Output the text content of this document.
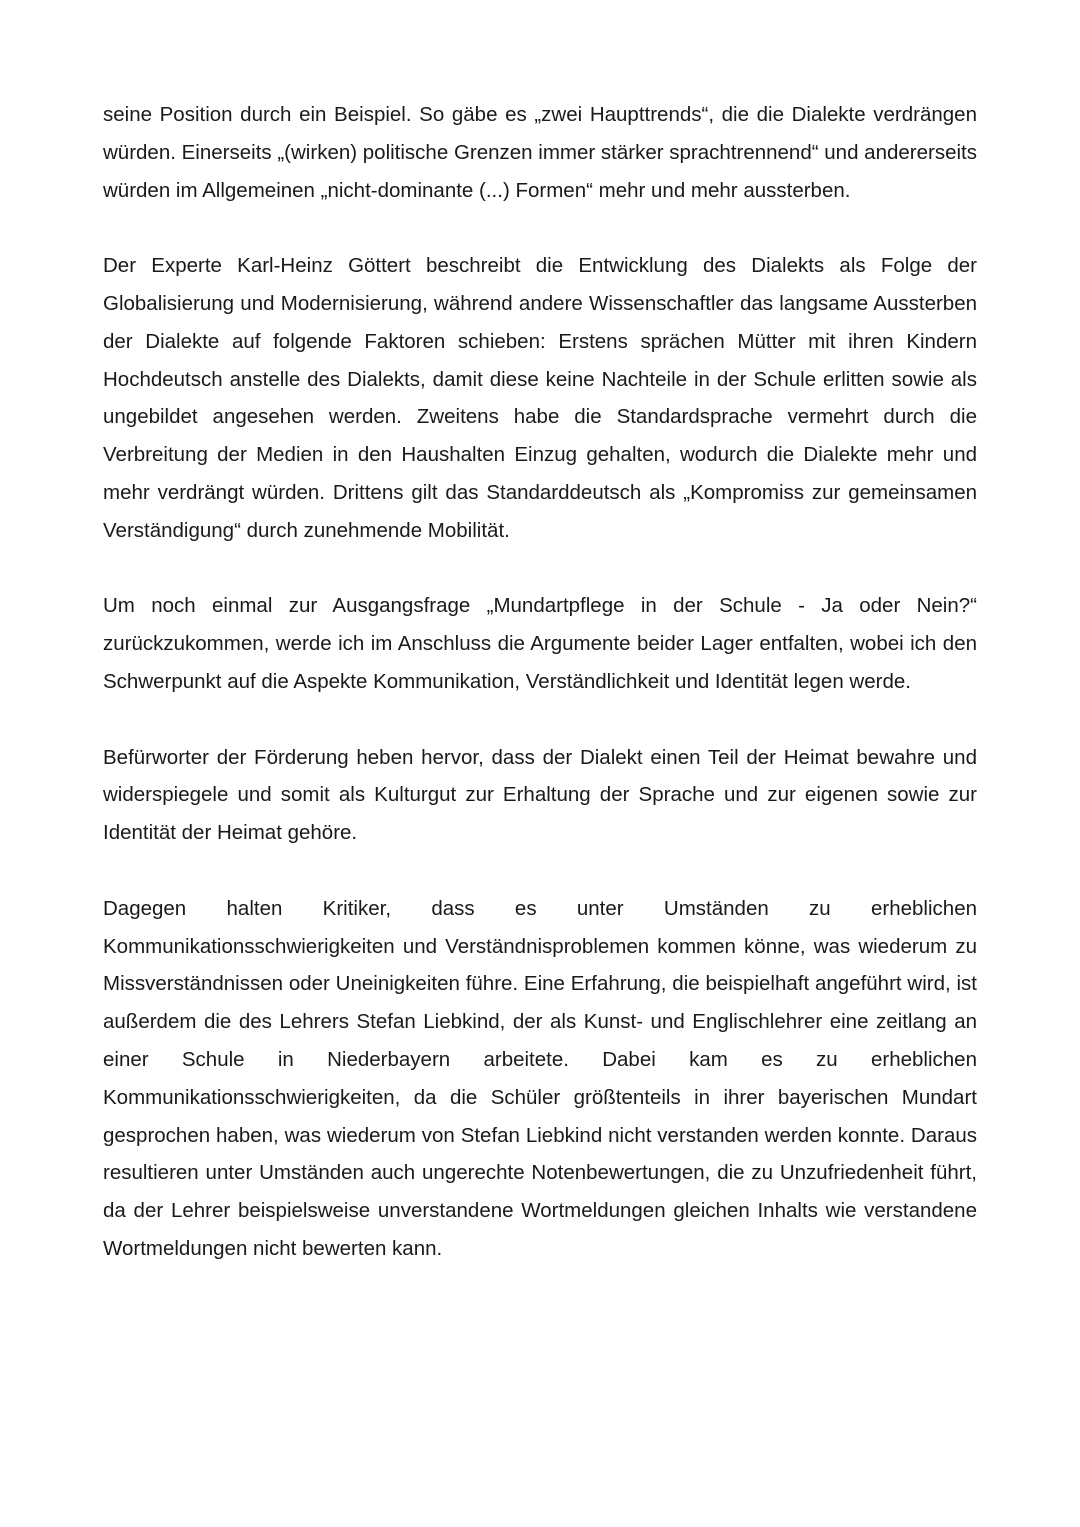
seine Position durch ein Beispiel. So gäbe es „zwei Haupttrends“, die die Dialekte verdrängen würden. Einerseits „(wirken) politische Grenzen immer stärker sprachtrennend“ und andererseits würden im Allgemeinen „nicht-dominante (...) Formen“ mehr und mehr aussterben.

Der Experte Karl-Heinz Göttert beschreibt die Entwicklung des Dialekts als Folge der Globalisierung und Modernisierung, während andere Wissenschaftler das langsame Aussterben der Dialekte auf folgende Faktoren schieben: Erstens sprächen Mütter mit ihren Kindern Hochdeutsch anstelle des Dialekts, damit diese keine Nachteile in der Schule erlitten sowie als ungebildet angesehen werden. Zweitens habe die Standardsprache vermehrt durch die Verbreitung der Medien in den Haushalten Einzug gehalten, wodurch die Dialekte mehr und mehr verdrängt würden. Drittens gilt das Standarddeutsch als „Kompromiss zur gemeinsamen Verständigung“ durch zunehmende Mobilität.

Um noch einmal zur Ausgangsfrage „Mundartpflege in der Schule - Ja oder Nein?“ zurückzukommen, werde ich im Anschluss die Argumente beider Lager entfalten, wobei ich den Schwerpunkt auf die Aspekte Kommunikation, Verständlichkeit und Identität legen werde.

Befürworter der Förderung heben hervor, dass der Dialekt einen Teil der Heimat bewahre und widerspiegele und somit als Kulturgut zur Erhaltung der Sprache und zur eigenen sowie zur Identität der Heimat gehöre.

Dagegen halten Kritiker, dass es unter Umständen zu erheblichen Kommunikationsschwierigkeiten und Verständnisproblemen kommen könne, was wiederum zu Missverständnissen oder Uneinigkeiten führe. Eine Erfahrung, die beispielhaft angeführt wird, ist außerdem die des Lehrers Stefan Liebkind, der als Kunst- und Englischlehrer eine zeitlang an einer Schule in Niederbayern arbeitete. Dabei kam es zu erheblichen Kommunikationsschwierigkeiten, da die Schüler größtenteils in ihrer bayerischen Mundart gesprochen haben, was wiederum von Stefan Liebkind nicht verstanden werden konnte. Daraus resultieren unter Umständen auch ungerechte Notenbewertungen, die zu Unzufriedenheit führt, da der Lehrer beispielsweise unverstandene Wortmeldungen gleichen Inhalts wie verstandene Wortmeldungen nicht bewerten kann.
